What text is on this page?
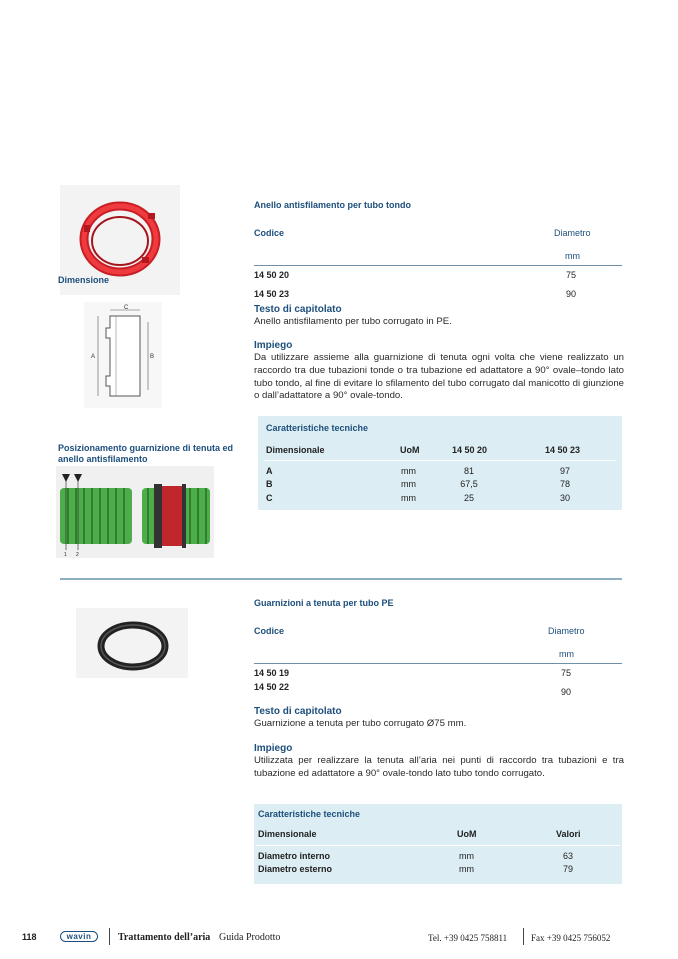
Dimensione
C
A	B
Posizionamento guarnizione di tenuta ed anello antisfilamento
1 2
Anello antisfilamento per tubo tondo
Codice	Diametro
mm
14 50 20	75
14 50 23	90
Testo di capitolato
Anello antisfilamento per tubo corrugato in PE.
Impiego
Da utilizzare assieme alla guarnizione di tenuta ogni volta che viene realizzato un raccordo tra due tubazioni tonde o tra tubazione ed adattatore a 90° ovale–tondo lato tubo tondo, al fine di evitare lo sfilamento del tubo corrugato dal manicotto di giunzione o dall’adattatore a 90° ovale-tondo.
Caratteristiche tecniche
Dimensionale	UoM	14 50 20	14 50 23
A	mm	81	97
B	mm	67,5	78
C	mm	25	30
Guarnizioni a tenuta per tubo PE
Codice	Diametro
mm
14 50 19	75
14 50 22	90
Testo di capitolato
Guarnizione a tenuta per tubo corrugato Ø75 mm.
Impiego
Utilizzata per realizzare la tenuta all’aria nei punti di raccordo tra tubazioni e tra tubazione ed adattatore a 90° ovale-tondo lato tubo tondo corrugato.
Caratteristiche tecniche
Dimensionale	UoM	Valori
Diametro interno	mm	63
Diametro esterno	mm	79
118	wavin	Trattamento dell’aria Guida Prodotto	Tel. +39 0425 758811	Fax +39 0425 756052
